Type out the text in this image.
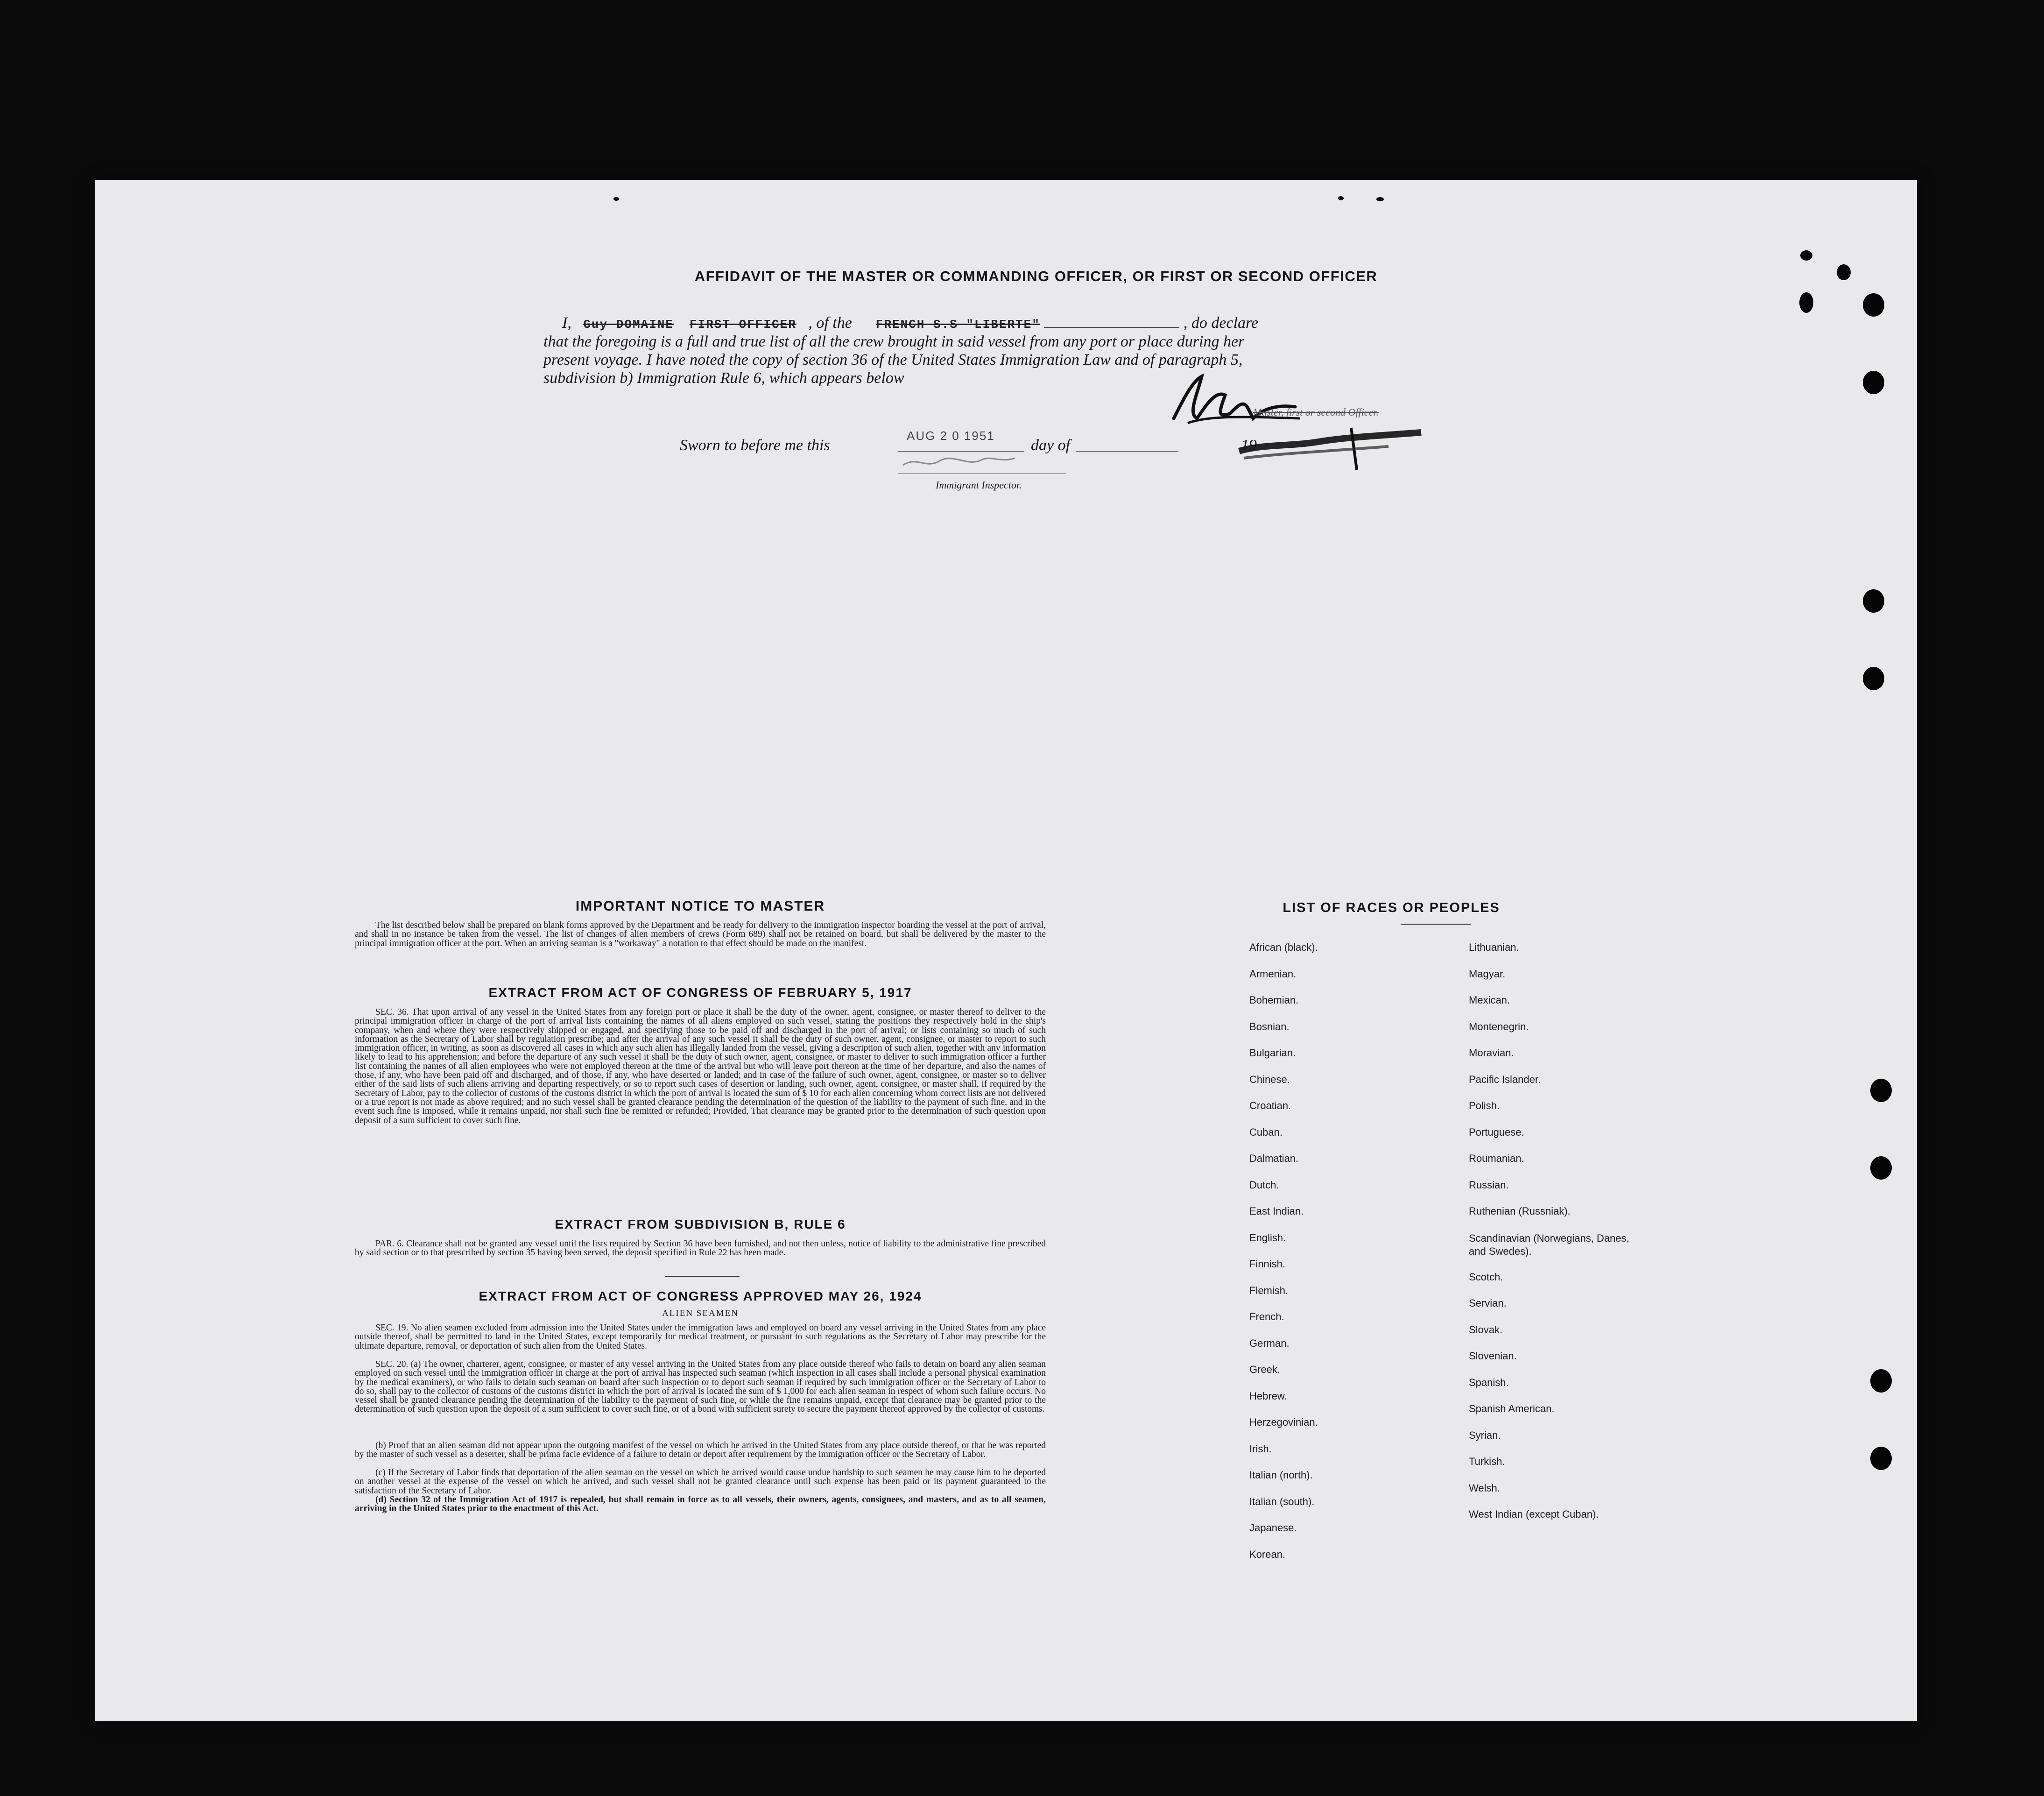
AFFIDAVIT OF THE MASTER OR COMMANDING OFFICER, OR FIRST OR SECOND OFFICER
I, Guy DOMAINE FIRST OFFICER , of the FRENCH S.S "LIBERTE"	, do declare
that the foregoing is a full and true list of all the crew brought in said vessel from any port or place during her
present voyage. I have noted the copy of section 36 of the United States Immigration Law and of paragraph 5,
subdivision b) Immigration Rule 6, which appears below
Master, first or second Officer.
Sworn to before me this
AUG 2 0 1951
day of	19
Immigrant Inspector.
IMPORTANT NOTICE TO MASTER

The list described below shall be prepared on blank forms approved by the Department and be ready for delivery to the immigration inspector boarding the vessel at the port of arrival, and shall in no instance be taken from the vessel. The list of changes of alien members of crews (Form 689) shall not be retained on board, but shall be delivered by the master to the principal immigration officer at the port. When an arriving seaman is a "workaway" a notation to that effect should be made on the manifest.

EXTRACT FROM ACT OF CONGRESS OF FEBRUARY 5, 1917

SEC. 36. That upon arrival of any vessel in the United States from any foreign port or place it shall be the duty of the owner, agent, consignee, or master thereof to deliver to the principal immigration officer in charge of the port of arrival lists containing the names of all aliens employed on such vessel, stating the positions they respectively hold in the ship's company, when and where they were respectively shipped or engaged, and specifying those to be paid off and discharged in the port of arrival; or lists containing so much of such information as the Secretary of Labor shall by regulation prescribe; and after the arrival of any such vessel it shall be the duty of such owner, agent, consignee, or master to report to such immigration officer, in writing, as soon as discovered all cases in which any such alien has illegally landed from the vessel, giving a description of such alien, together with any information likely to lead to his apprehension; and before the departure of any such vessel it shall be the duty of such owner, agent, consignee, or master to deliver to such immigration officer a further list containing the names of all alien employees who were not employed thereon at the time of the arrival but who will leave port thereon at the time of her departure, and also the names of those, if any, who have been paid off and discharged, and of those, if any, who have deserted or landed; and in case of the failure of such owner, agent, consignee, or master so to deliver either of the said lists of such aliens arriving and departing respectively, or so to report such cases of desertion or landing, such owner, agent, consignee, or master shall, if required by the Secretary of Labor, pay to the collector of customs of the customs district in which the port of arrival is located the sum of $ 10 for each alien concerning whom correct lists are not delivered or a true report is not made as above required; and no such vessel shall be granted clearance pending the determination of the question of the liability to the payment of such fine, and in the event such fine is imposed, while it remains unpaid, nor shall such fine be remitted or refunded; Provided, That clearance may be granted prior to the determination of such question upon deposit of a sum sufficient to cover such fine.

EXTRACT FROM SUBDIVISION B, RULE 6

PAR. 6. Clearance shall not be granted any vessel until the lists required by Section 36 have been furnished, and not then unless, notice of liability to the administrative fine prescribed by said section or to that prescribed by section 35 having been served, the deposit specified in Rule 22 has been made.

EXTRACT FROM ACT OF CONGRESS APPROVED MAY 26, 1924
ALIEN SEAMEN

SEC. 19. No alien seamen excluded from admission into the United States under the immigration laws and employed on board any vessel arriving in the United States from any place outside thereof, shall be permitted to land in the United States, except temporarily for medical treatment, or pursuant to such regulations as the Secretary of Labor may prescribe for the ultimate departure, removal, or deportation of such alien from the United States.

SEC. 20. (a) The owner, charterer, agent, consignee, or master of any vessel arriving in the United States from any place outside thereof who fails to detain on board any alien seaman employed on such vessel until the immigration officer in charge at the port of arrival has inspected such seaman (which inspection in all cases shall include a personal physical examination by the medical examiners), or who fails to detain such seaman on board after such inspection or to deport such seaman if required by such immigration officer or the Secretary of Labor to do so, shall pay to the collector of customs of the customs district in which the port of arrival is located the sum of $ 1,000 for each alien seaman in respect of whom such failure occurs. No vessel shall be granted clearance pending the determination of the liability to the payment of such fine, or while the fine remains unpaid, except that clearance may be granted prior to the determination of such question upon the deposit of a sum sufficient to cover such fine, or of a bond with sufficient surety to secure the payment thereof approved by the collector of customs.

(b) Proof that an alien seaman did not appear upon the outgoing manifest of the vessel on which he arrived in the United States from any place outside thereof, or that he was reported by the master of such vessel as a deserter, shall be prima facie evidence of a failure to detain or deport after requirement by the immigration officer or the Secretary of Labor.

(c) If the Secretary of Labor finds that deportation of the alien seaman on the vessel on which he arrived would cause undue hardship to such seamen he may cause him to be deported on another vessel at the expense of the vessel on which he arrived, and such vessel shall not be granted clearance until such expense has been paid or its payment guaranteed to the satisfaction of the Secretary of Labor.

(d) Section 32 of the Immigration Act of 1917 is repealed, but shall remain in force as to all vessels, their owners, agents, consignees, and masters, and as to all seamen, arriving in the United States prior to the enactment of this Act.

LIST OF RACES OR PEOPLES
African (black).
Armenian.
Bohemian.
Bosnian.
Bulgarian.
Chinese.
Croatian.
Cuban.
Dalmatian.
Dutch.
East Indian.
English.
Finnish.
Flemish.
French.
German.
Greek.
Hebrew.
Herzegovinian.
Irish.
Italian (north).
Italian (south).
Japanese.
Korean.
Lithuanian.
Magyar.
Mexican.
Montenegrin.
Moravian.
Pacific Islander.
Polish.
Portuguese.
Roumanian.
Russian.
Ruthenian (Russniak).
Scandinavian (Norwegians, Danes, and Swedes).
Scotch.
Servian.
Slovak.
Slovenian.
Spanish.
Spanish American.
Syrian.
Turkish.
Welsh.
West Indian (except Cuban).
